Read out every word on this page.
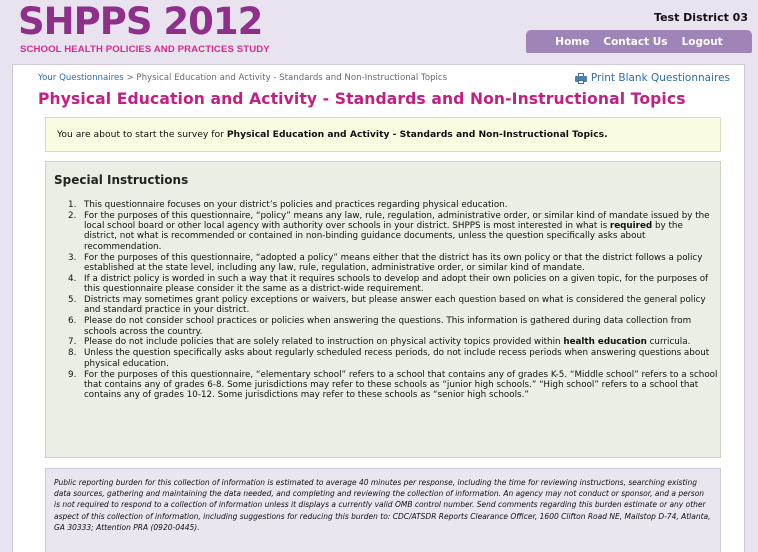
SHPPS 2012
SCHOOL HEALTH POLICIES AND PRACTICES STUDY
Test District 03
Home	Contact Us	Logout
Your Questionnaires > Physical Education and Activity - Standards and Non-Instructional Topics	Print Blank Questionnaires
Physical Education and Activity - Standards and Non-Instructional Topics
You are about to start the survey for Physical Education and Activity - Standards and Non-Instructional Topics.
Special Instructions
1. This questionnaire focuses on your district’s policies and practices regarding physical education.
2. For the purposes of this questionnaire, “policy” means any law, rule, regulation, administrative order, or similar kind of mandate issued by the local school board or other local agency with authority over schools in your district. SHPPS is most interested in what is required by the district, not what is recommended or contained in non-binding guidance documents, unless the question specifically asks about recommendation.
3. For the purposes of this questionnaire, “adopted a policy” means either that the district has its own policy or that the district follows a policy established at the state level, including any law, rule, regulation, administrative order, or similar kind of mandate.
4. If a district policy is worded in such a way that it requires schools to develop and adopt their own policies on a given topic, for the purposes of this questionnaire please consider it the same as a district-wide requirement.
5. Districts may sometimes grant policy exceptions or waivers, but please answer each question based on what is considered the general policy and standard practice in your district.
6. Please do not consider school practices or policies when answering the questions. This information is gathered during data collection from schools across the country.
7. Please do not include policies that are solely related to instruction on physical activity topics provided within health education curricula.
8. Unless the question specifically asks about regularly scheduled recess periods, do not include recess periods when answering questions about physical education.
9. For the purposes of this questionnaire, “elementary school” refers to a school that contains any of grades K-5. “Middle school” refers to a school that contains any of grades 6-8. Some jurisdictions may refer to these schools as “junior high schools.” “High school” refers to a school that contains any of grades 10-12. Some jurisdictions may refer to these schools as “senior high schools.”
Public reporting burden for this collection of information is estimated to average 40 minutes per response, including the time for reviewing instructions, searching existing data sources, gathering and maintaining the data needed, and completing and reviewing the collection of information. An agency may not conduct or sponsor, and a person is not required to respond to a collection of information unless it displays a currently valid OMB control number. Send comments regarding this burden estimate or any other aspect of this collection of information, including suggestions for reducing this burden to: CDC/ATSDR Reports Clearance Officer, 1600 Clifton Road NE, Mailstop D-74, Atlanta, GA 30333; Attention PRA (0920-0445).
